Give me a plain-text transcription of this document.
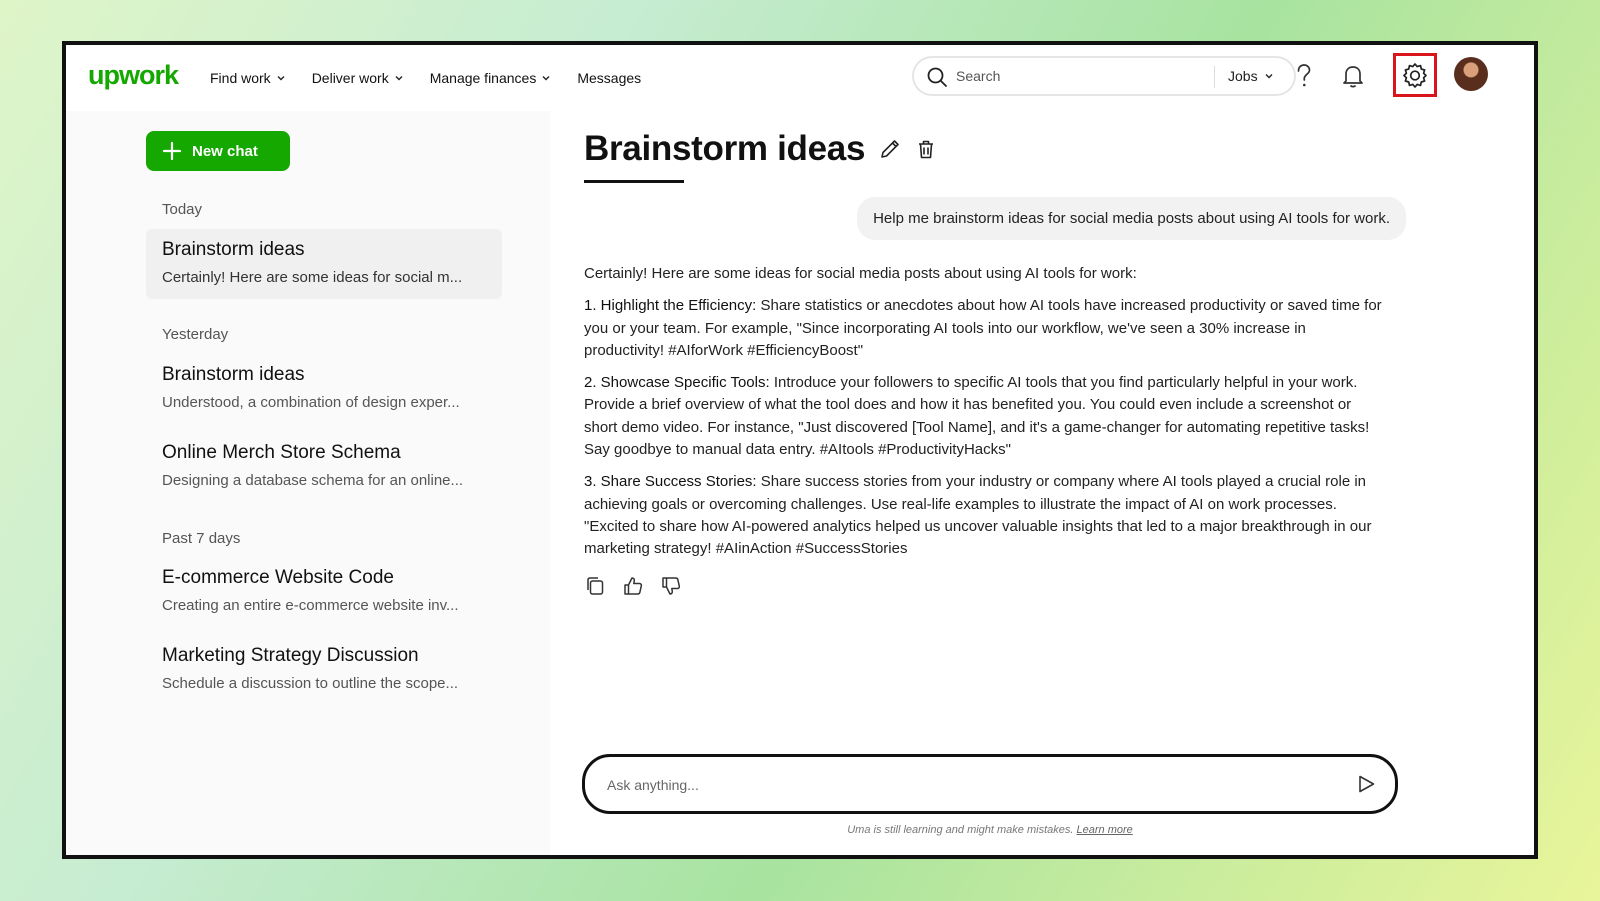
upwork Find work	Deliver work	Manage finances	Messages
Search	Jobs
New chat
Today
Brainstorm ideas
Certainly! Here are some ideas for social m...
Yesterday
Brainstorm ideas
Understood, a combination of design exper...
Online Merch Store Schema
Designing a database schema for an online...
Past 7 days
E-commerce Website Code
Creating an entire e-commerce website inv...
Marketing Strategy Discussion
Schedule a discussion to outline the scope...
Brainstorm ideas
Help me brainstorm ideas for social media posts about using AI tools for work.

Certainly! Here are some ideas for social media posts about using AI tools for work:

1. Highlight the Efficiency: Share statistics or anecdotes about how AI tools have increased productivity or saved time for you or your team. For example, "Since incorporating AI tools into our workflow, we've seen a 30% increase in productivity! #AIforWork #EfficiencyBoost"

2. Showcase Specific Tools: Introduce your followers to specific AI tools that you find particularly helpful in your work. Provide a brief overview of what the tool does and how it has benefited you. You could even include a screenshot or short demo video. For instance, "Just discovered [Tool Name], and it's a game-changer for automating repetitive tasks! Say goodbye to manual data entry. #AItools #ProductivityHacks"

3. Share Success Stories: Share success stories from your industry or company where AI tools played a crucial role in achieving goals or overcoming challenges. Use real-life examples to illustrate the impact of AI on work processes. "Excited to share how AI-powered analytics helped us uncover valuable insights that led to a major breakthrough in our marketing strategy! #AIinAction #SuccessStories

Ask anything...
Uma is still learning and might make mistakes. Learn more
